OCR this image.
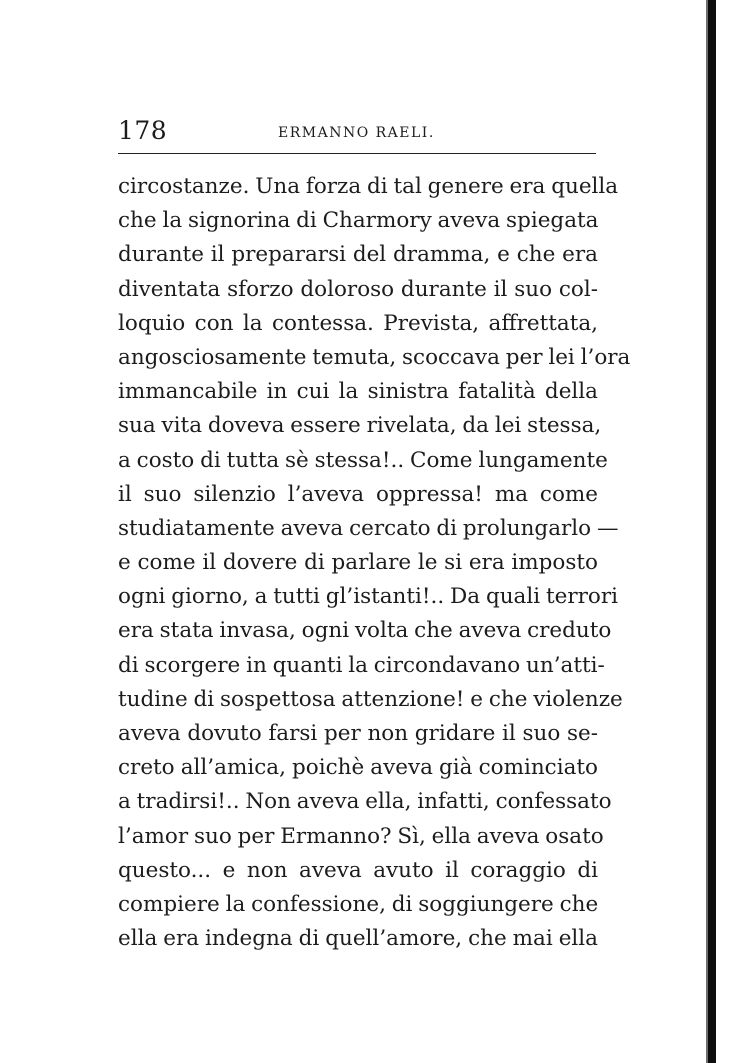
178	ERMANNO RAELI.
circostanze. Una forza di tal genere era quella
che la signorina di Charmory aveva spiegata
durante il prepararsi del dramma, e che era
diventata sforzo doloroso durante il suo col-
loquio con la contessa. Prevista, affrettata,
angosciosamente temuta, scoccava per lei l’ora
immancabile in cui la sinistra fatalità della
sua vita doveva essere rivelata, da lei stessa,
a costo di tutta sè stessa!.. Come lungamente
il suo silenzio l’aveva oppressa! ma come
studiatamente aveva cercato di prolungarlo —
e come il dovere di parlare le si era imposto
ogni giorno, a tutti gl’istanti!.. Da quali terrori
era stata invasa, ogni volta che aveva creduto
di scorgere in quanti la circondavano un’atti-
tudine di sospettosa attenzione! e che violenze
aveva dovuto farsi per non gridare il suo se-
creto all’amica, poichè aveva già cominciato
a tradirsi!.. Non aveva ella, infatti, confessato
l’amor suo per Ermanno? Sì, ella aveva osato
questo... e non aveva avuto il coraggio di
compiere la confessione, di soggiungere che
ella era indegna di quell’amore, che mai ella
